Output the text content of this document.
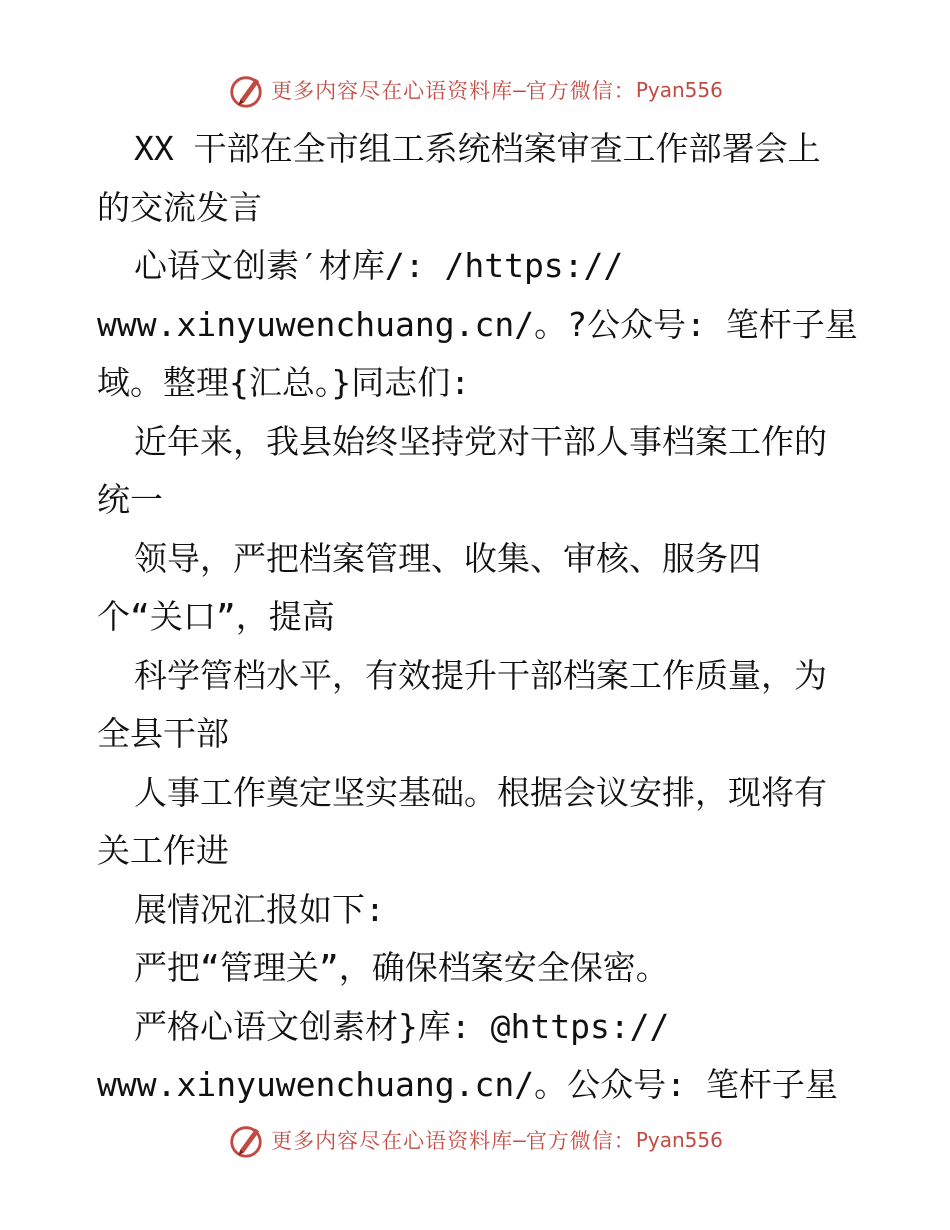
更多内容尽在心语资料库 — 官方微信： Pyan556
XX 干部在全市组工系统档案审查工作部署会上
的交流发言
心语文创素′材库/: /https://
www.xinyuwenchuang.cn/。?公众号: 笔杆子星
域。整理{汇总。}同志们:
近年来，我县始终坚持党对干部人事档案工作的
统一
领导，严把档案管理、收集、审核、服务四
个“关口”，提高
科学管档水平，有效提升干部档案工作质量，为
全县干部
人事工作奠定坚实基础。根据会议安排，现将有
关工作进
展情况汇报如下:
严把“管理关”，确保档案安全保密。
严格心语文创素材}库: @https://
www.xinyuwenchuang.cn/。公众号: 笔杆子星
更多内容尽在心语资料库 — 官方微信： Pyan556
